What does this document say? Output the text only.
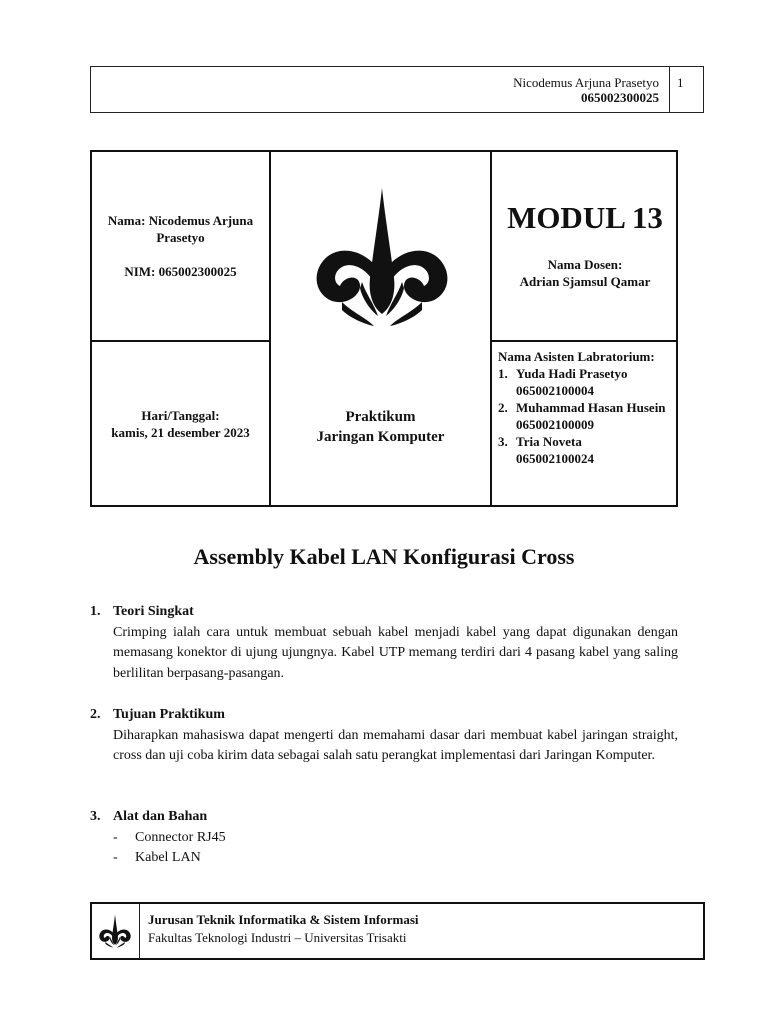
Nicodemus Arjuna Prasetyo
065002300025
1
Nama: Nicodemus Arjuna Prasetyo
NIM: 065002300025
Hari/Tanggal:
kamis, 21 desember 2023
Praktikum
Jaringan Komputer
MODUL 13
Nama Dosen:
Adrian Sjamsul Qamar
Nama Asisten Labratorium:
1. Yuda Hadi Prasetyo
065002100004
2. Muhammad Hasan Husein
065002100009
3. Tria Noveta
065002100024
Assembly Kabel LAN Konfigurasi Cross
1. Teori Singkat
Crimping ialah cara untuk membuat sebuah kabel menjadi kabel yang dapat digunakan dengan memasang konektor di ujung ujungnya. Kabel UTP memang terdiri dari 4 pasang kabel yang saling berlilitan berpasang-pasangan.
2. Tujuan Praktikum
Diharapkan mahasiswa dapat mengerti dan memahami dasar dari membuat kabel jaringan straight, cross dan uji coba kirim data sebagai salah satu perangkat implementasi dari Jaringan Komputer.
3. Alat dan Bahan
-	Connector RJ45
-	Kabel LAN
Jurusan Teknik Informatika & Sistem Informasi
Fakultas Teknologi Industri – Universitas Trisakti
